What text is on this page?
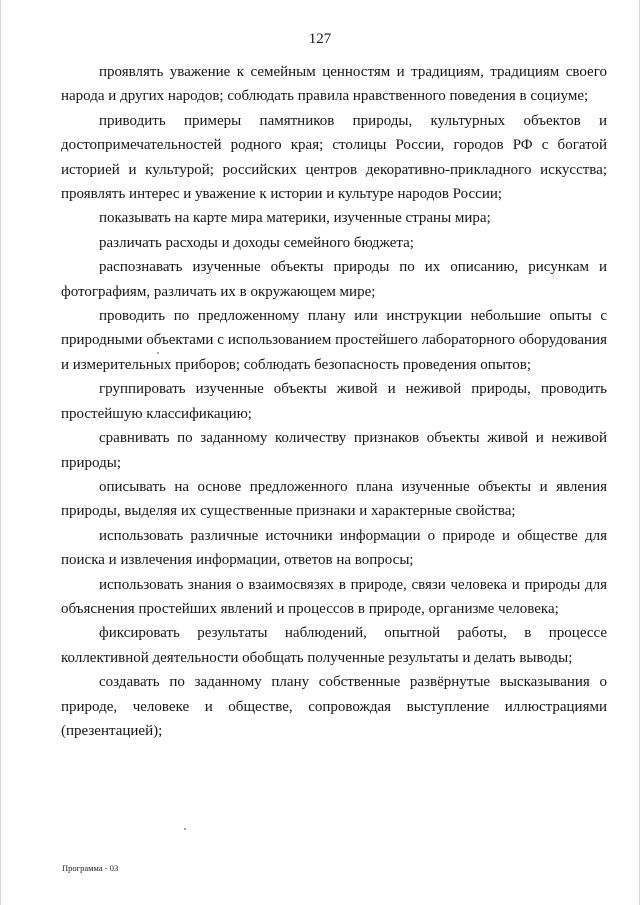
127

проявлять уважение к семейным ценностям и традициям, традициям своего народа и других народов; соблюдать правила нравственного поведения в социуме;

приводить примеры памятников природы, культурных объектов и достопримечательностей родного края; столицы России, городов РФ с богатой историей и культурой; российских центров декоративно-прикладного искусства; проявлять интерес и уважение к истории и культуре народов России;

показывать на карте мира материки, изученные страны мира;

различать расходы и доходы семейного бюджета;

распознавать изученные объекты природы по их описанию, рисункам и фотографиям, различать их в окружающем мире;

проводить по предложенному плану или инструкции небольшие опыты с природными объектами с использованием простейшего лабораторного оборудования и измерительных приборов; соблюдать безопасность проведения опытов;

группировать изученные объекты живой и неживой природы, проводить простейшую классификацию;

сравнивать по заданному количеству признаков объекты живой и неживой природы;

описывать на основе предложенного плана изученные объекты и явления природы, выделяя их существенные признаки и характерные свойства;

использовать различные источники информации о природе и обществе для поиска и извлечения информации, ответов на вопросы;

использовать знания о взаимосвязях в природе, связи человека и природы для объяснения простейших явлений и процессов в природе, организме человека;

фиксировать результаты наблюдений, опытной работы, в процессе коллективной деятельности обобщать полученные результаты и делать выводы;

создавать по заданному плану собственные развёрнутые высказывания о природе, человеке и обществе, сопровождая выступление иллюстрациями (презентацией);

Программа - 03
